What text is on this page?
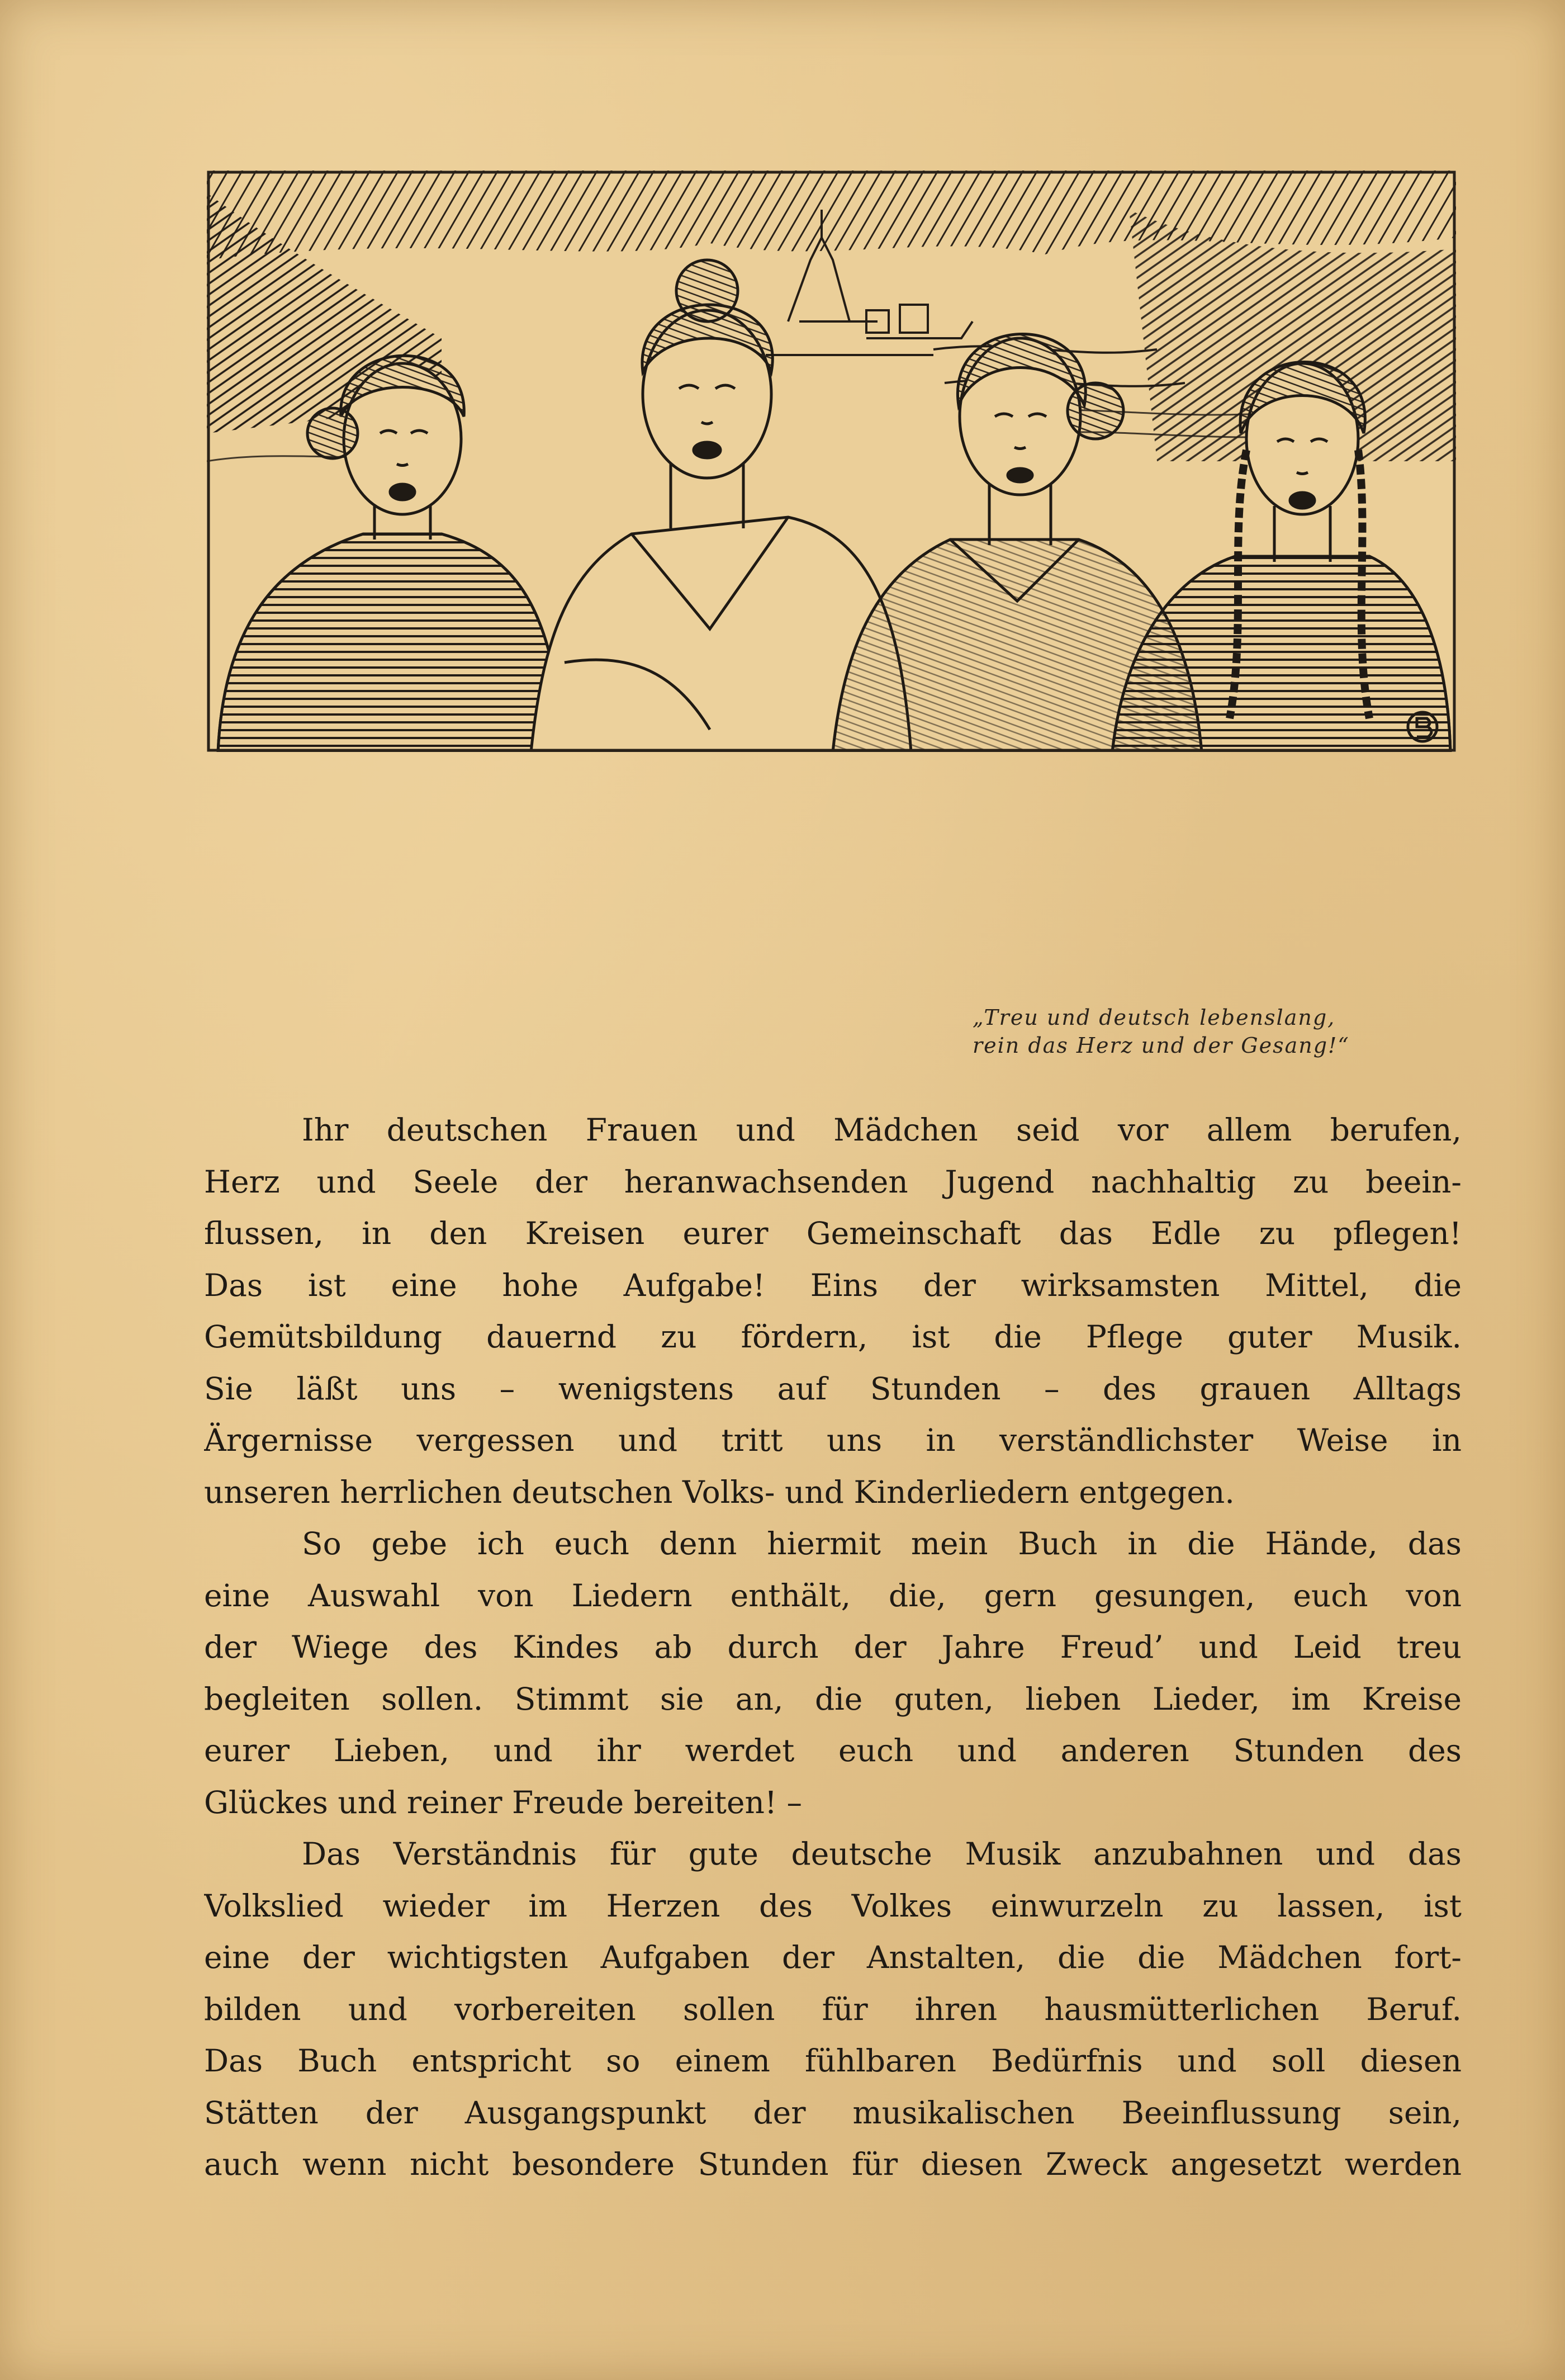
„Treu und deutsch lebenslang,
rein das Herz und der Gesang!“
Ihr deutschen Frauen und Mädchen seid vor allem berufen,
Herz und Seele der heranwachsenden Jugend nachhaltig zu beein-
flussen, in den Kreisen eurer Gemeinschaft das Edle zu pflegen!
Das ist eine hohe Aufgabe! Eins der wirksamsten Mittel, die
Gemütsbildung dauernd zu fördern, ist die Pflege guter Musik.
Sie läßt uns – wenigstens auf Stunden – des grauen Alltags
Ärgernisse vergessen und tritt uns in verständlichster Weise in
unseren herrlichen deutschen Volks- und Kinderliedern entgegen.
So gebe ich euch denn hiermit mein Buch in die Hände, das
eine Auswahl von Liedern enthält, die, gern gesungen, euch von
der Wiege des Kindes ab durch der Jahre Freud’ und Leid treu
begleiten sollen. Stimmt sie an, die guten, lieben Lieder, im Kreise
eurer Lieben, und ihr werdet euch und anderen Stunden des
Glückes und reiner Freude bereiten! –
Das Verständnis für gute deutsche Musik anzubahnen und das
Volkslied wieder im Herzen des Volkes einwurzeln zu lassen, ist
eine der wichtigsten Aufgaben der Anstalten, die die Mädchen fort-
bilden und vorbereiten sollen für ihren hausmütterlichen Beruf.
Das Buch entspricht so einem fühlbaren Bedürfnis und soll diesen
Stätten der Ausgangspunkt der musikalischen Beeinflussung sein,
auch wenn nicht besondere Stunden für diesen Zweck angesetzt werden
